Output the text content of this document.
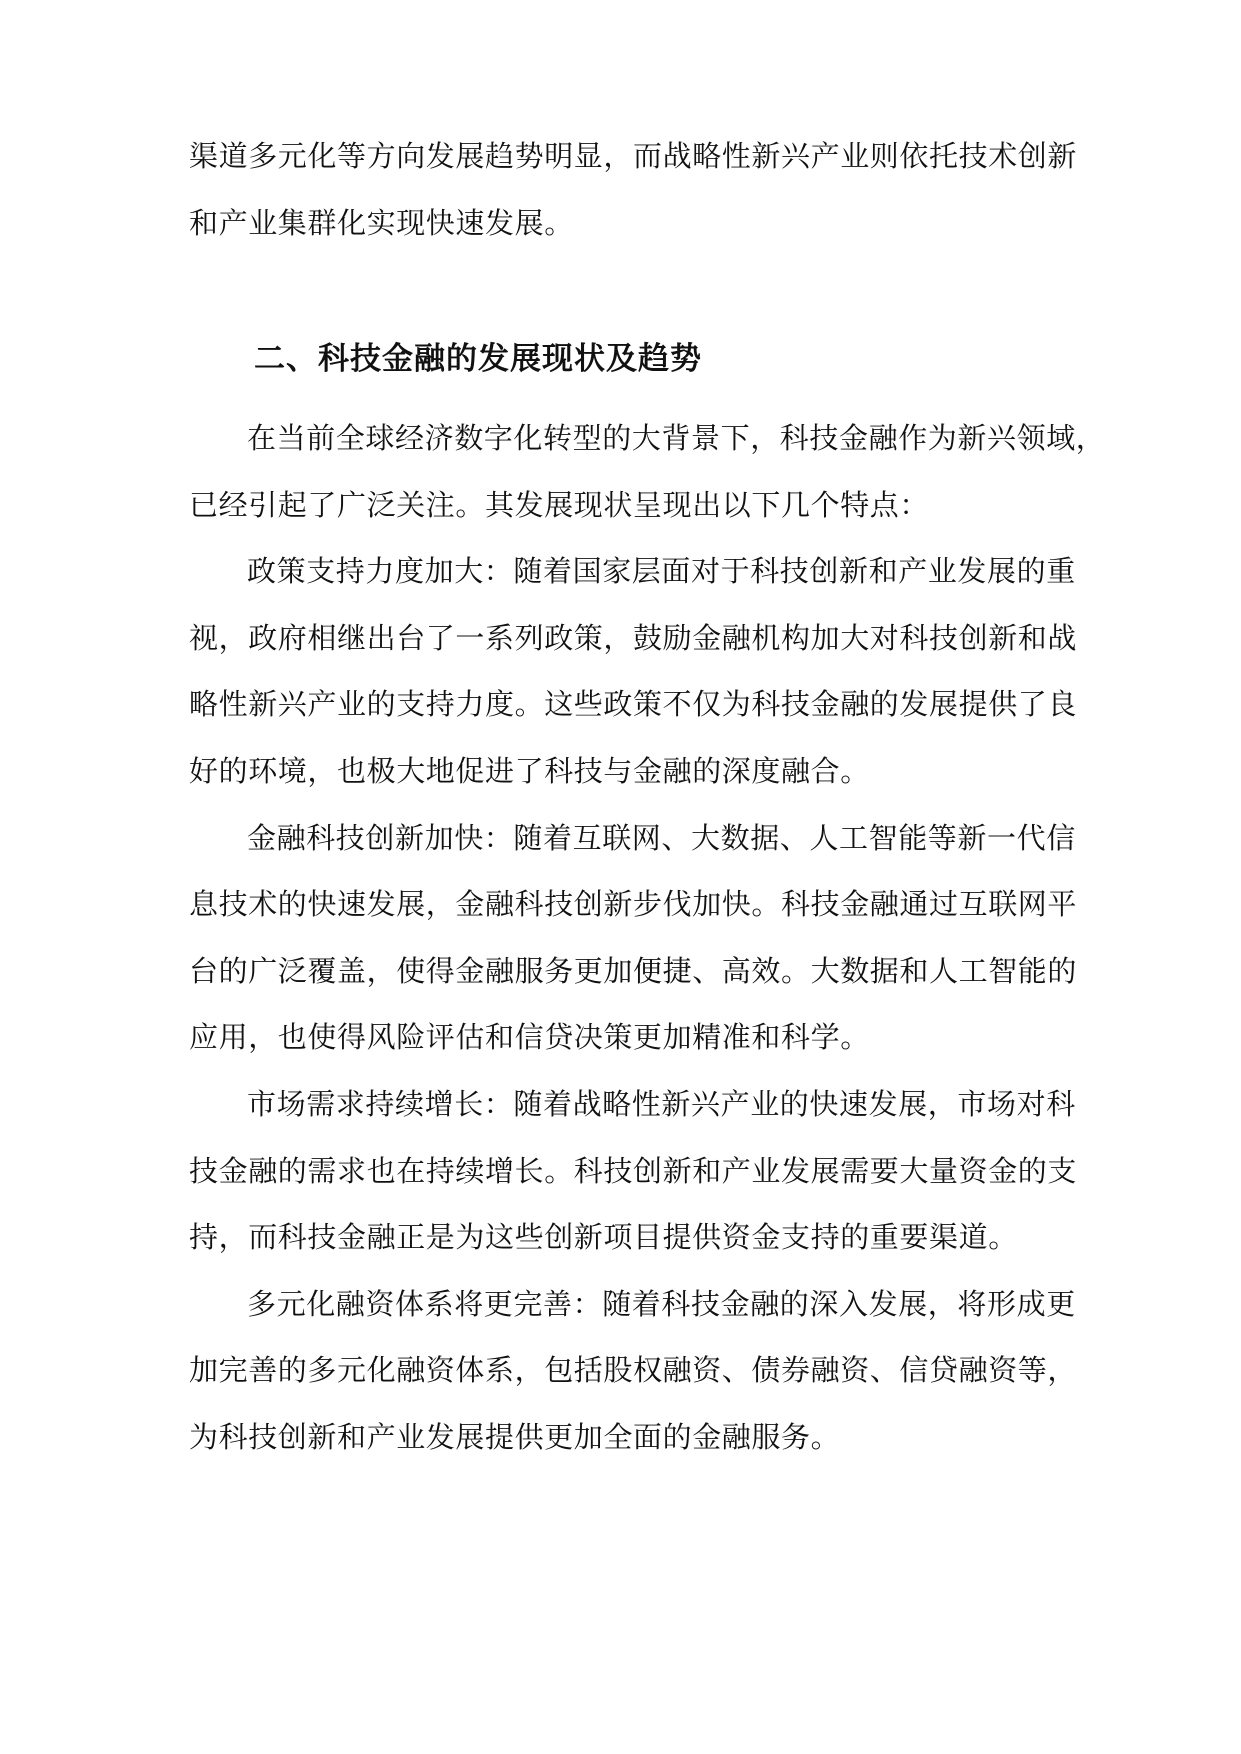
渠道多元化等方向发展趋势明显，而战略性新兴产业则依托技术创新
和产业集群化实现快速发展。
二、科技金融的发展现状及趋势
在当前全球经济数字化转型的大背景下，科技金融作为新兴领域，
已经引起了广泛关注。其发展现状呈现出以下几个特点：
政策支持力度加大：随着国家层面对于科技创新和产业发展的重
视，政府相继出台了一系列政策，鼓励金融机构加大对科技创新和战
略性新兴产业的支持力度。这些政策不仅为科技金融的发展提供了良
好的环境，也极大地促进了科技与金融的深度融合。
金融科技创新加快：随着互联网、大数据、人工智能等新一代信
息技术的快速发展，金融科技创新步伐加快。科技金融通过互联网平
台的广泛覆盖，使得金融服务更加便捷、高效。大数据和人工智能的
应用，也使得风险评估和信贷决策更加精准和科学。
市场需求持续增长：随着战略性新兴产业的快速发展，市场对科
技金融的需求也在持续增长。科技创新和产业发展需要大量资金的支
持，而科技金融正是为这些创新项目提供资金支持的重要渠道。
多元化融资体系将更完善：随着科技金融的深入发展，将形成更
加完善的多元化融资体系，包括股权融资、债券融资、信贷融资等，
为科技创新和产业发展提供更加全面的金融服务。
